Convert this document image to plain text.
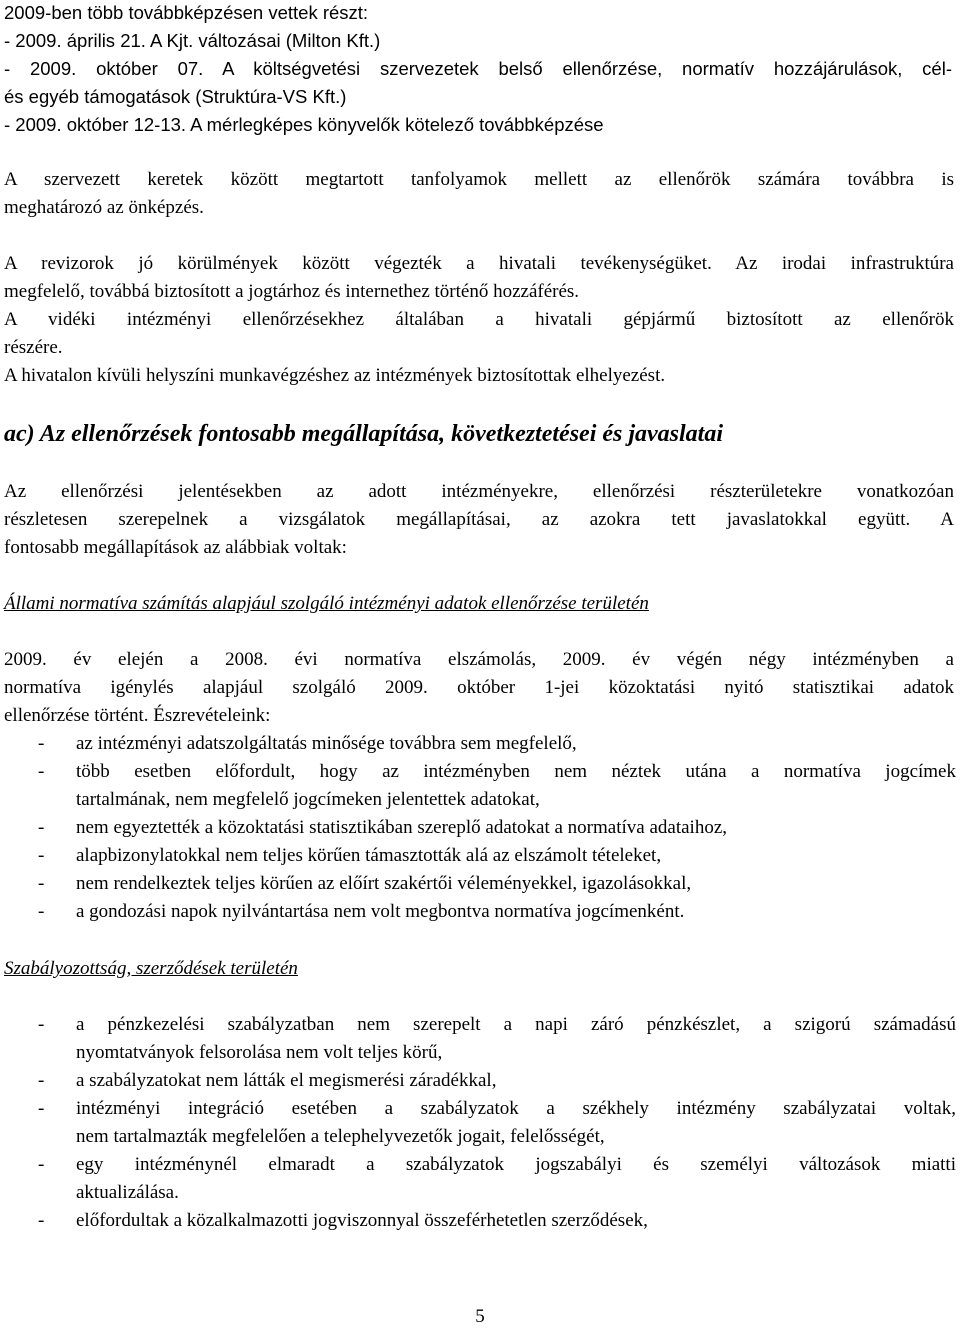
2009-ben több továbbképzésen vettek részt:
- 2009. április 21. A Kjt. változásai (Milton Kft.)
- 2009. október 07. A költségvetési szervezetek belső ellenőrzése, normatív hozzájárulások, cél-
és egyéb támogatások (Struktúra-VS Kft.)
- 2009. október 12-13. A mérlegképes könyvelők kötelező továbbképzése
A szervezett keretek között megtartott tanfolyamok mellett az ellenőrök számára továbbra is
meghatározó az önképzés.
A revizorok jó körülmények között végezték a hivatali tevékenységüket. Az irodai infrastruktúra
megfelelő, továbbá biztosított a jogtárhoz és internethez történő hozzáférés.
A vidéki intézményi ellenőrzésekhez általában a hivatali gépjármű biztosított az ellenőrök
részére.
A hivatalon kívüli helyszíni munkavégzéshez az intézmények biztosítottak elhelyezést.
ac) Az ellenőrzések fontosabb megállapítása, következtetései és javaslatai
Az ellenőrzési jelentésekben az adott intézményekre, ellenőrzési részterületekre vonatkozóan
részletesen szerepelnek a vizsgálatok megállapításai, az azokra tett javaslatokkal együtt. A
fontosabb megállapítások az alábbiak voltak:
Állami normatíva számítás alapjául szolgáló intézményi adatok ellenőrzése területén
2009. év elején a 2008. évi normatíva elszámolás, 2009. év végén négy intézményben a
normatíva igénylés alapjául szolgáló 2009. október 1-jei közoktatási nyitó statisztikai adatok
ellenőrzése történt. Észrevételeink:
- az intézményi adatszolgáltatás minősége továbbra sem megfelelő,
- több esetben előfordult, hogy az intézményben nem néztek utána a normatíva jogcímek
tartalmának, nem megfelelő jogcímeken jelentettek adatokat,
- nem egyeztették a közoktatási statisztikában szereplő adatokat a normatíva adataihoz,
- alapbizonylatokkal nem teljes körűen támasztották alá az elszámolt tételeket,
- nem rendelkeztek teljes körűen az előírt szakértői véleményekkel, igazolásokkal,
- a gondozási napok nyilvántartása nem volt megbontva normatíva jogcímenként.
Szabályozottság, szerződések területén
- a pénzkezelési szabályzatban nem szerepelt a napi záró pénzkészlet, a szigorú számadású
nyomtatványok felsorolása nem volt teljes körű,
- a szabályzatokat nem látták el megismerési záradékkal,
- intézményi integráció esetében a szabályzatok a székhely intézmény szabályzatai voltak,
nem tartalmazták megfelelően a telephelyvezetők jogait, felelősségét,
- egy intézménynél elmaradt a szabályzatok jogszabályi és személyi változások miatti
aktualizálása.
- előfordultak a közalkalmazotti jogviszonnyal összeférhetetlen szerződések,
5
